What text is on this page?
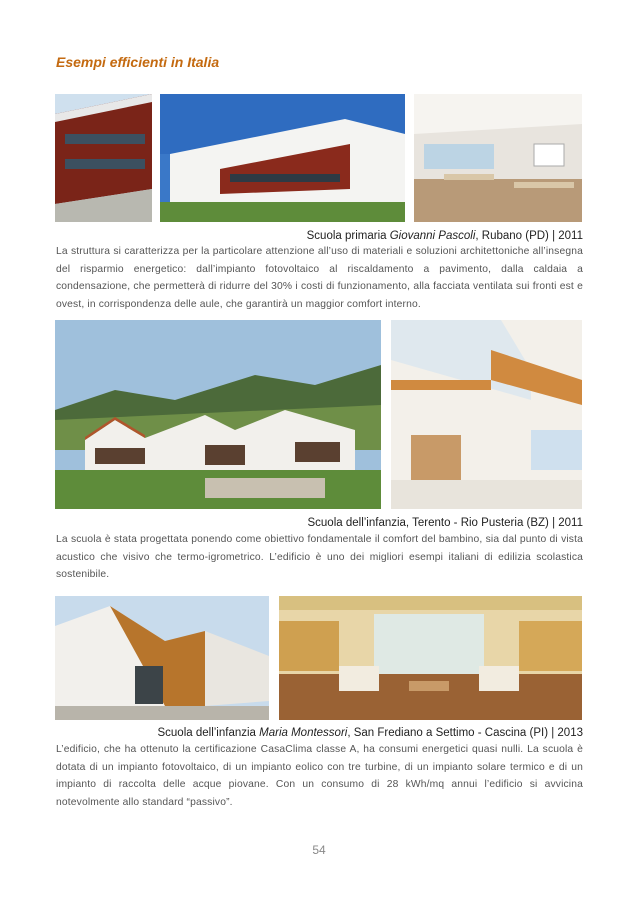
Esempi efficienti in Italia
Scuola primaria Giovanni Pascoli, Rubano (PD) | 2011
La struttura si caratterizza per la particolare attenzione all’uso di materiali e soluzioni architettoniche all’insegna del risparmio energetico: dall’impianto fotovoltaico al riscaldamento a pavimento, dalla caldaia a condensazione, che permetterà di ridurre del 30% i costi di funzionamento, alla facciata ventilata sui fronti est e ovest, in corrispondenza delle aule, che garantirà un maggior comfort interno.
Scuola dell’infanzia, Terento - Rio Pusteria (BZ) | 2011
La scuola è stata progettata ponendo come obiettivo fondamentale il comfort del bambino, sia dal punto di vista acustico che visivo che termo-igrometrico. L’edificio è uno dei migliori esempi italiani di edilizia scolastica sostenibile.
Scuola dell’infanzia Maria Montessori, San Frediano a Settimo - Cascina (PI) | 2013
L’edificio, che ha ottenuto la certificazione CasaClima classe A, ha consumi energetici quasi nulli. La scuola è dotata di un impianto fotovoltaico, di un impianto eolico con tre turbine, di un impianto solare termico e di un impianto di raccolta delle acque piovane. Con un consumo di 28 kWh/mq annui l’edificio si avvicina notevolmente allo standard “passivo”.
54
